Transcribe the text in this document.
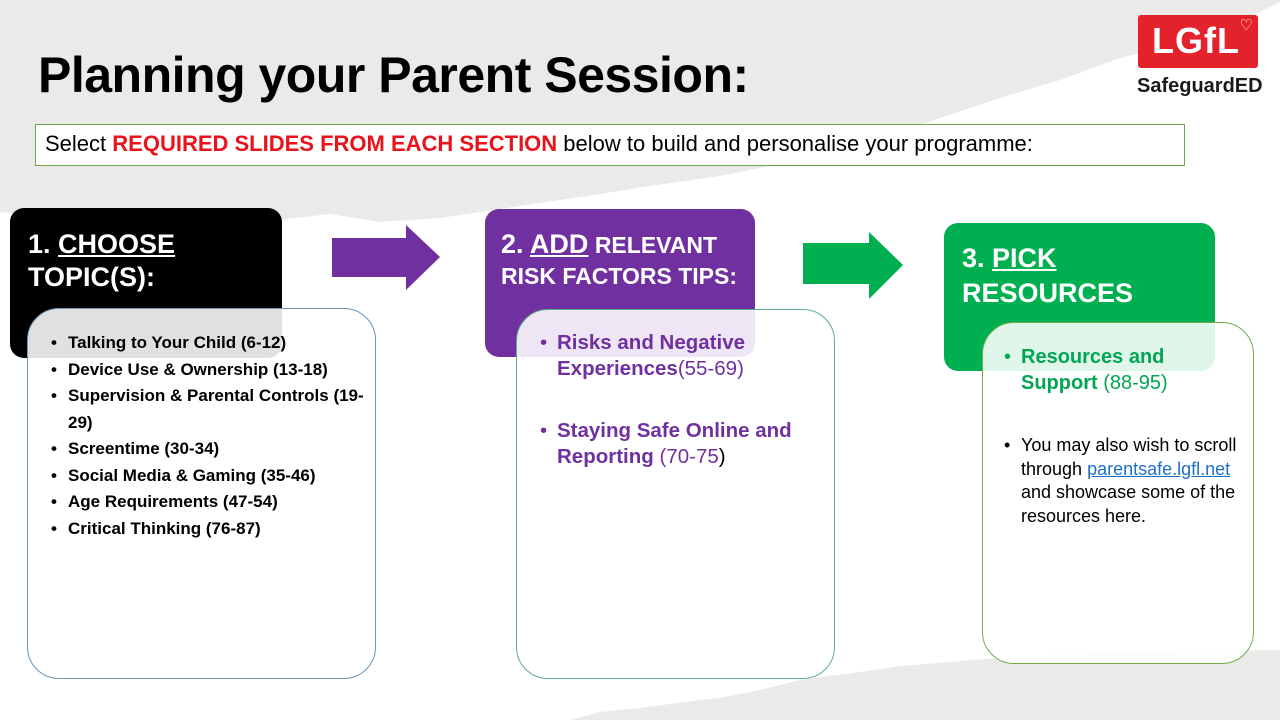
Planning your Parent Session:
Select REQUIRED SLIDES FROM EACH SECTION below to build and personalise your programme:
LGfL ♡
SafeguardED
1. CHOOSE
TOPIC(S):
• Talking to Your Child (6-12)
• Device Use & Ownership (13-18)
• Supervision & Parental Controls (19-29)
• Screentime (30-34)
• Social Media & Gaming (35-46)
• Age Requirements (47-54)
• Critical Thinking (76-87)
2. ADD RELEVANT
RISK FACTORS TIPS:
• Risks and Negative Experiences(55-69)
• Staying Safe Online and Reporting (70-75)
3. PICK
RESOURCES
• Resources and Support (88-95)
• You may also wish to scroll through parentsafe.lgfl.net and showcase some of the resources here.
